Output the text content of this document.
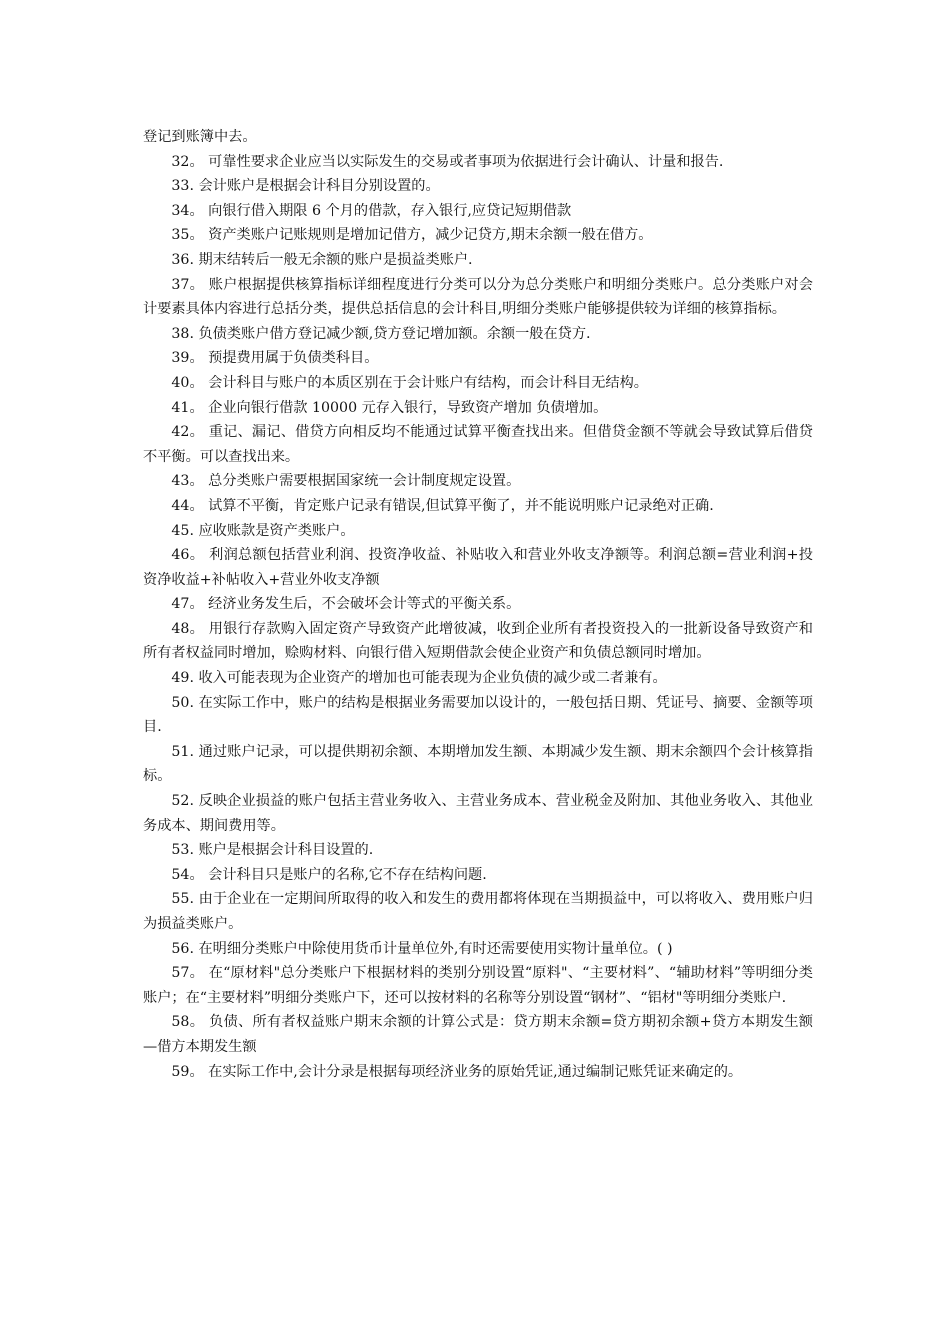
登记到账簿中去。

32。 可靠性要求企业应当以实际发生的交易或者事项为依据进行会计确认、计量和报告.

33. 会计账户是根据会计科目分别设置的。

34。 向银行借入期限 6 个月的借款，存入银行,应贷记短期借款

35。 资产类账户记账规则是增加记借方，减少记贷方,期末余额一般在借方。

36. 期末结转后一般无余额的账户是损益类账户.

37。 账户根据提供核算指标详细程度进行分类可以分为总分类账户和明细分类账户。总分类账户对会计要素具体内容进行总括分类，提供总括信息的会计科目,明细分类账户能够提供较为详细的核算指标。

38. 负债类账户借方登记减少额,贷方登记增加额。余额一般在贷方.

39。 预提费用属于负债类科目。

40。 会计科目与账户的本质区别在于会计账户有结构，而会计科目无结构。

41。 企业向银行借款 10000 元存入银行，导致资产增加 负债增加。

42。 重记、漏记、借贷方向相反均不能通过试算平衡查找出来。但借贷金额不等就会导致试算后借贷不平衡。可以查找出来。

43。 总分类账户需要根据国家统一会计制度规定设置。

44。 试算不平衡，肯定账户记录有错误,但试算平衡了，并不能说明账户记录绝对正确.

45. 应收账款是资产类账户。

46。 利润总额包括营业利润、投资净收益、补贴收入和营业外收支净额等。利润总额=营业利润+投资净收益+补帖收入+营业外收支净额

47。 经济业务发生后，不会破坏会计等式的平衡关系。

48。 用银行存款购入固定资产导致资产此增彼减，收到企业所有者投资投入的一批新设备导致资产和所有者权益同时增加，赊购材料、向银行借入短期借款会使企业资产和负债总额同时增加。

49. 收入可能表现为企业资产的增加也可能表现为企业负债的减少或二者兼有。

50. 在实际工作中，账户的结构是根据业务需要加以设计的，一般包括日期、凭证号、摘要、金额等项目.

51. 通过账户记录，可以提供期初余额、本期增加发生额、本期减少发生额、期末余额四个会计核算指标。

52. 反映企业损益的账户包括主营业务收入、主营业务成本、营业税金及附加、其他业务收入、其他业务成本、期间费用等。

53. 账户是根据会计科目设置的.

54。 会计科目只是账户的名称,它不存在结构问题.

55. 由于企业在一定期间所取得的收入和发生的费用都将体现在当期损益中，可以将收入、费用账户归为损益类账户。

56. 在明细分类账户中除使用货币计量单位外,有时还需要使用实物计量单位。( )

57。 在“原材料"总分类账户下根据材料的类别分别设置“原料"、“主要材料”、“辅助材料”等明细分类账户；在“主要材料”明细分类账户下，还可以按材料的名称等分别设置“钢材”、“铝材"等明细分类账户.

58。 负债、所有者权益账户期末余额的计算公式是：贷方期末余额=贷方期初余额+贷方本期发生额—借方本期发生额

59。 在实际工作中,会计分录是根据每项经济业务的原始凭证,通过编制记账凭证来确定的。
